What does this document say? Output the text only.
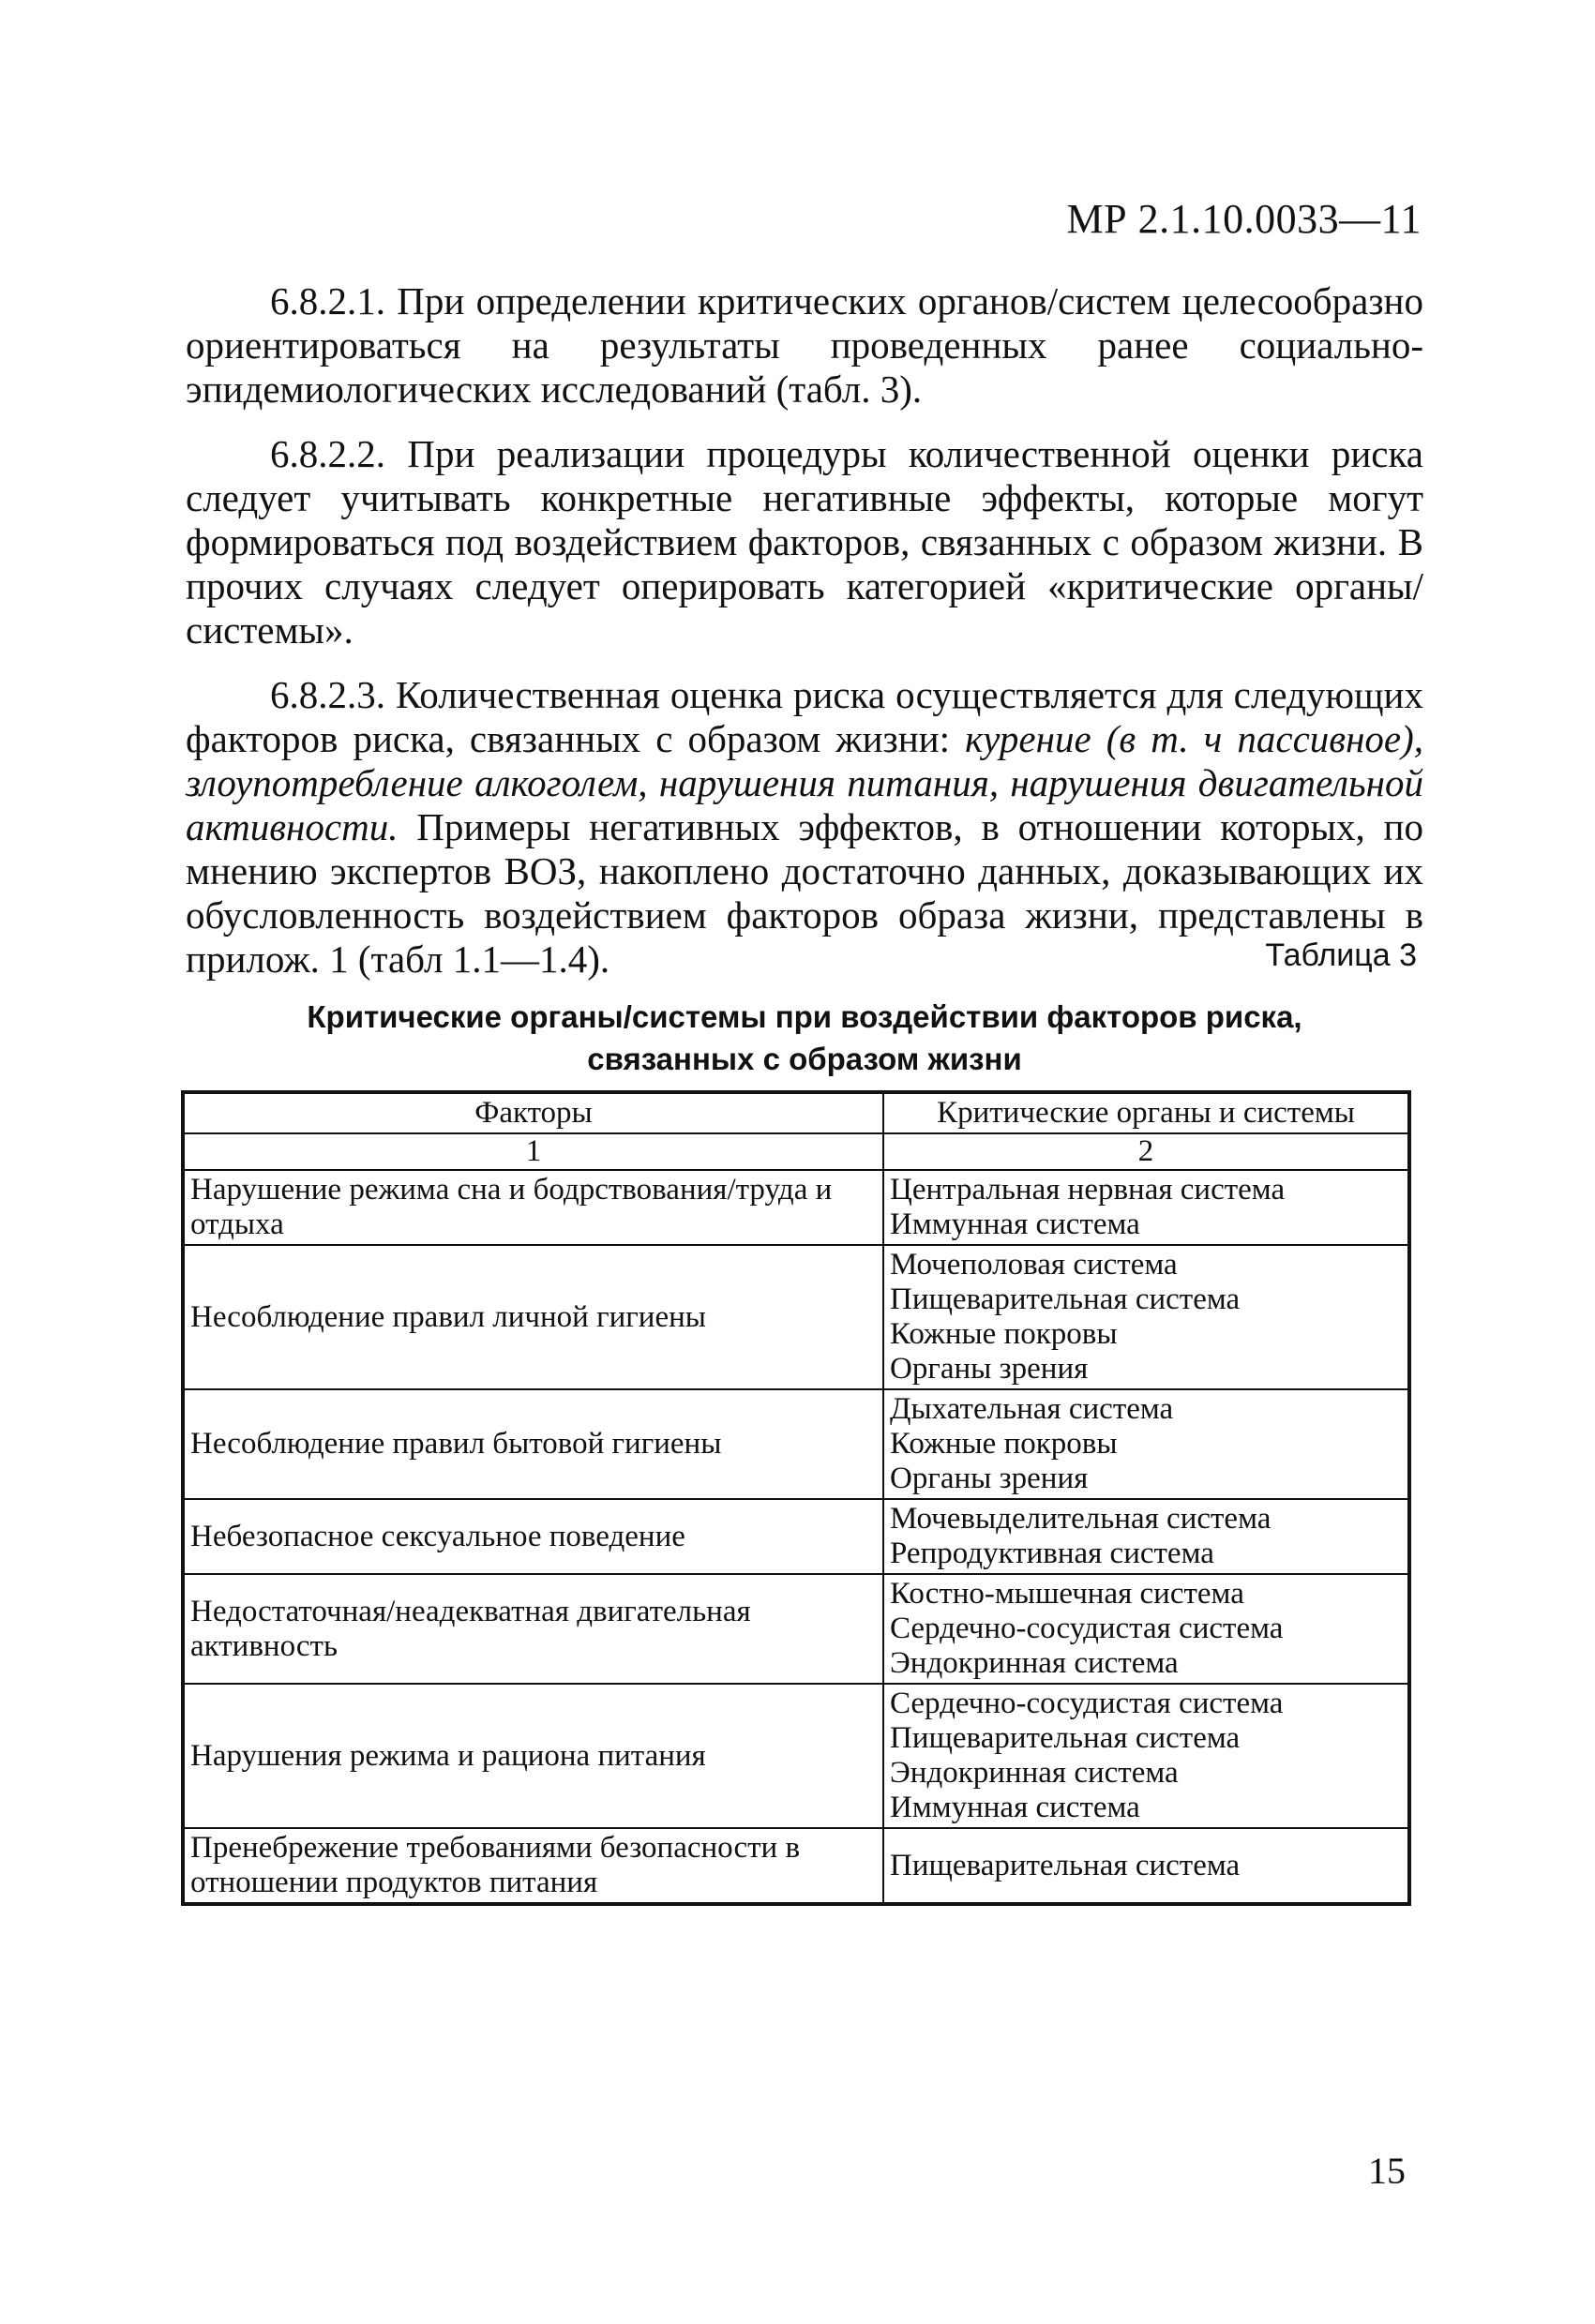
МР 2.1.10.0033—11

6.8.2.1. При определении критических органов/систем целесообразно ориентироваться на результаты проведенных ранее социально-эпидемиологических исследований (табл. 3).

6.8.2.2. При реализации процедуры количественной оценки риска следует учитывать конкретные негативные эффекты, которые могут формироваться под воздействием факторов, связанных с образом жизни. В прочих случаях следует оперировать категорией «критические органы/системы».

6.8.2.3. Количественная оценка риска осуществляется для следующих факторов риска, связанных с образом жизни: курение (в т. ч пассивное), злоупотребление алкоголем, нарушения питания, нарушения двигательной активности. Примеры негативных эффектов, в отношении которых, по мнению экспертов ВОЗ, накоплено достаточно данных, доказывающих их обусловленность воздействием факторов образа жизни, представлены в прилож. 1 (табл 1.1—1.4).	Таблица 3
Критические органы/системы при воздействии факторов риска,
связанных с образом жизни
Факторы	Критические органы и системы
1	2
Нарушение режима сна и бодрствования/труда и отдыха	Центральная нервная система
Иммунная система

Несоблюдение правил личной гигиены	Мочеполовая система
Пищеварительная система
Кожные покровы
Органы зрения

Несоблюдение правил бытовой гигиены	Дыхательная система
Кожные покровы
Органы зрения

Небезопасное сексуальное поведение	Мочевыделительная система
Репродуктивная система

Недостаточная/неадекватная двигательная активность	Костно-мышечная система
Сердечно-сосудистая система
Эндокринная система

Нарушения режима и рациона питания	Сердечно-сосудистая система
Пищеварительная система
Эндокринная система
Иммунная система

Пренебрежение требованиями безопасности в отношении продуктов питания	Пищеварительная система
15
